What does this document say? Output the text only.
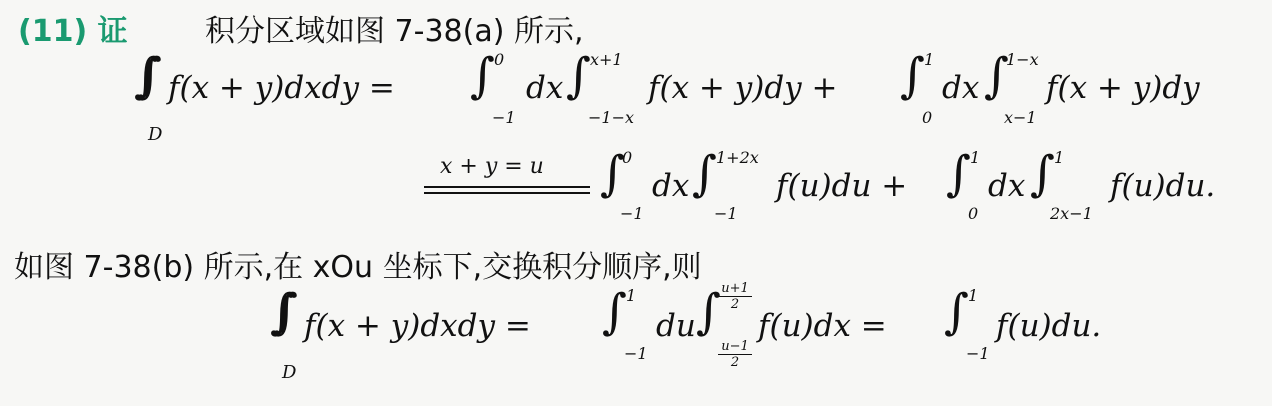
(11) 证	积分区域如图 7-38(a) 所示,
∫∫
D
f(x + y)dxdy = ∫
0
−1
dx ∫
x+1
−1−x
f(x + y)dy + ∫
1
0
dx ∫
1−x
x−1
f(x + y)dy
x + y = u ∫
0
−1
dx ∫
1+2x
−1
f(u)du + ∫
1
0
dx ∫
1
2x−1
f(u)du.
如图 7-38(b) 所示,在 xOu 坐标下,交换积分顺序,则
∫∫
D
f(x + y)dxdy = ∫
1
−1
du ∫ u+1
2
u−1
2
f(u)dx = ∫
1
−1
f(u)du.
